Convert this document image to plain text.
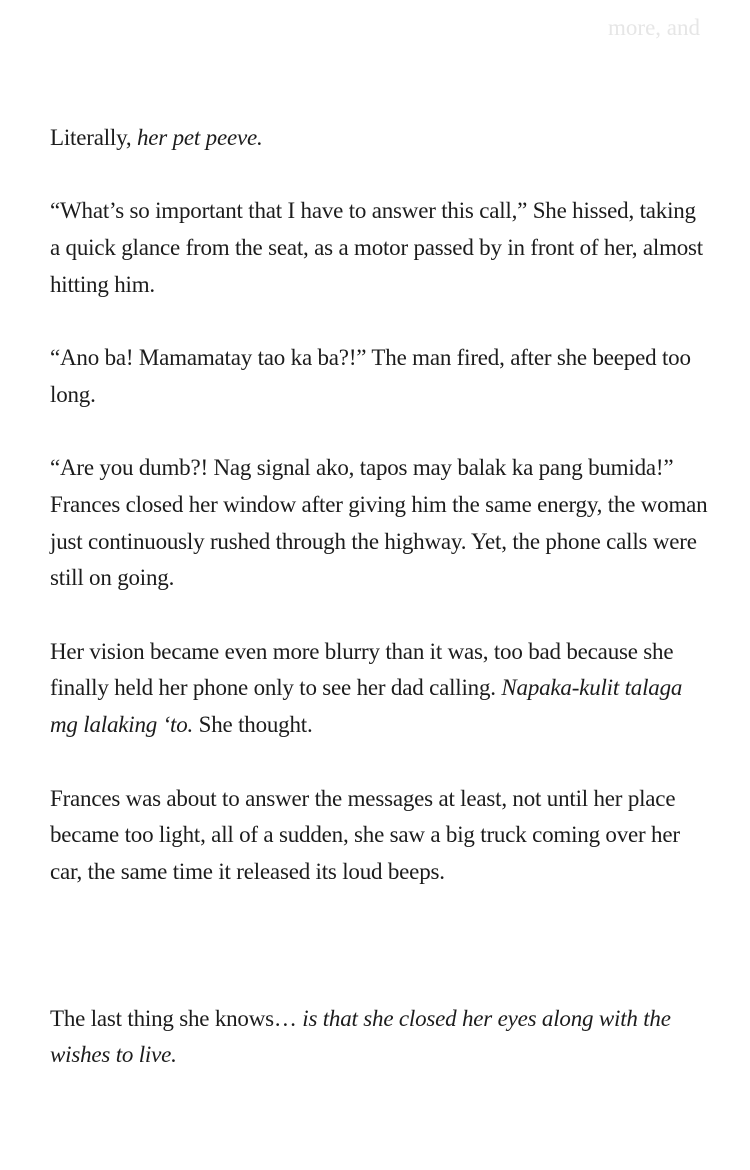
more, and

Literally, her pet peeve.

“What’s so important that I have to answer this call,” She hissed, taking a quick glance from the seat, as a motor passed by in front of her, almost hitting him.

“Ano ba! Mamamatay tao ka ba?!” The man fired, after she beeped too long.

“Are you dumb?! Nag signal ako, tapos may balak ka pang bumida!” Frances closed her window after giving him the same energy, the woman just continuously rushed through the highway. Yet, the phone calls were still on going.

Her vision became even more blurry than it was, too bad because she finally held her phone only to see her dad calling. Napaka-kulit talaga mg lalaking ‘to. She thought.

Frances was about to answer the messages at least, not until her place became too light, all of a sudden, she saw a big truck coming over her car, the same time it released its loud beeps.

The last thing she knows… is that she closed her eyes along with the wishes to live.
